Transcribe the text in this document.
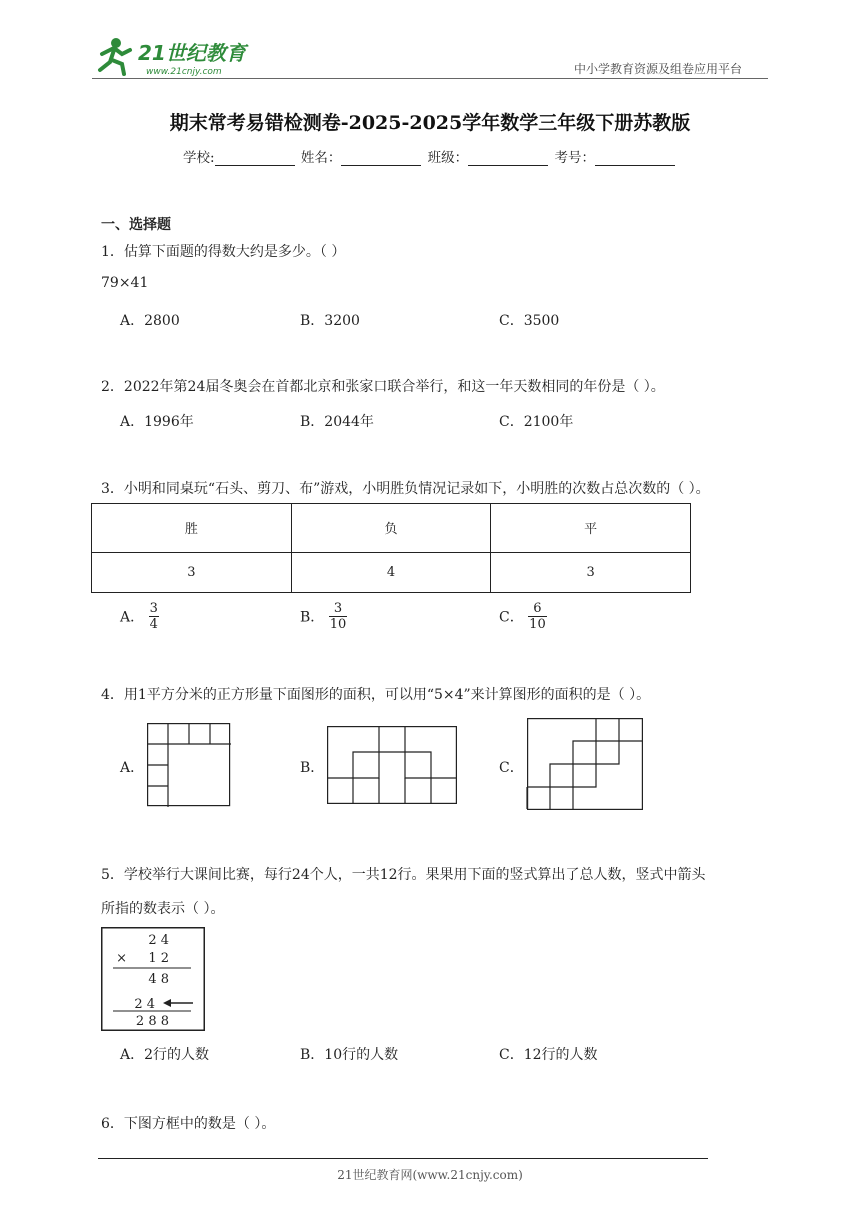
21世纪教育
www.21cnjy.com	中小学教育资源及组卷应用平台
期末常考易错检测卷-2025-2025学年数学三年级下册苏教版
学校:	姓名：	班级：	考号：
一、选择题
1．估算下面题的得数大约是多少。（ ）
79×41
A．2800	B．3200	C．3500
2．2022年第24届冬奥会在首都北京和张家口联合举行，和这一年天数相同的年份是（ ）。
A．1996年	B．2044年	C．2100年
3．小明和同桌玩“石头、剪刀、布”游戏，小明胜负情况记录如下，小明胜的次数占总次数的（ ）。
胜	负	平
3	4	3
A． $\frac{3}{4}$	B． $\frac{3}{10}$	C． $\frac{6}{10}$
4．用1平方分米的正方形量下面图形的面积，可以用“5×4”来计算图形的面积的是（ ）。
A．	B．	C．
5．学校举行大课间比赛，每行24个人，一共12行。果果用下面的竖式算出了总人数，竖式中箭头
所指的数表示（ ）。
2 4
× 1 2
4 8
2 4
2 8 8
A．2行的人数	B．10行的人数	C．12行的人数
6．下图方框中的数是（ ）。
21世纪教育网(www.21cnjy.com)
